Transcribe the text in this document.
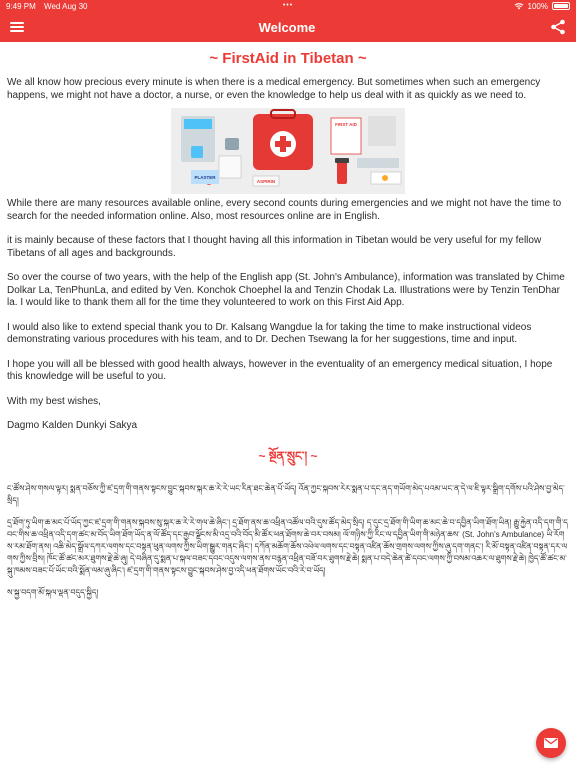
9:49 PM Wed Aug 30	•••	100%
Welcome
~ FirstAid in Tibetan ~

We all know how precious every minute is when there is a medical emergency. But sometimes when such an emergency happens, we might not have a doctor, a nurse, or even the knowledge to help us deal with it as quickly as we need to.

ASPIRIN
PLASTER
FIRST AID

While there are many resources available online, every second counts during emergencies and we might not have the time to search for the needed information online. Also, most resources online are in English.

it is mainly because of these factors that I thought having all this information in Tibetan would be very useful for my fellow Tibetans of all ages and backgrounds.

So over the course of two years, with the help of the English app (St. John's Ambulance), information was translated by Chime Dolkar La, TenPhunLa, and edited by Ven. Konchok Choephel la and Tenzin Chodak La. Illustrations were by Tenzin TenDhar la. I would like to thank them all for the time they volunteered to work on this First Aid App.

I would also like to extend special thank you to Dr. Kalsang Wangdue la for taking the time to make instructional videos demonstrating various procedures with his team, and to Dr. Dechen Tsewang la for her suggestions, time and input.

I hope you will all be blessed with good health always, however in the eventuality of an emergency medical situation, I hope this knowledge will be useful to you.

With my best wishes,

Dagmo Kalden Dunkyi Sakya

~ སྔོན་སྲུང་། ~

ང་ཚོས་ཤེས་གསལ་ལྟར། སྨན་བཅོས་ཀྱི་ཛ་དྲག་གི་གནས་སྟངས་བྱུང་སྐབས་སྐར་ཆ་རེ་རེ་ཡང་རིན་ཐང་ཆེན་པོ་ཡོད། འོན་ཀྱང་སྐབས་རེར་སྨན་པ་དང་ནད་གཡོག་མེད་པའམ་ཡང་ན་དེ་ལ་ཇི་ལྟར་སྒྲིག་དགོས་པའི་ཤེས་བྱ་མེད་སྲིད།

དྲ་ཐོག་ཏུ་ཡིག་ཆ་མང་པོ་ཡོད་ཀྱང་ཛ་དྲག་གི་གནས་སྐབས་སུ་སྐར་ཆ་རེ་རེ་གལ་ཆེ་ཞིང་། དྲ་ཐོག་ནས་ཆ་འཕྲིན་འཚོལ་བའི་དུས་ཚོད་མེད་སྲིད། ད་དུང་དྲ་ཐོག་གི་ཡིག་ཆ་མང་ཆེ་བ་དབྱིན་ཡིག་ཐོག་ཡིན། རྒྱུ་རྐྱེན་འདི་དག་གི་དབང་གིས་ཆ་འཕྲིན་འདི་དག་ཚང་མ་བོད་ཡིག་ཐོག་ཡོད་ན་ལོ་ཚོད་དང་རྒྱབ་ལྗོངས་མི་འདྲ་བའི་བོད་མི་ཚོར་ཕན་ཐོགས་ཆེ་བར་བསམ། ལོ་གཉིས་ཀྱི་རིང་ལ་དབྱིན་ཡིག་གི་མཉེན་ཆས་ (St. John's Ambulance) ཡི་རོགས་རམ་ཐོག་ནས། འཆི་མེད་སྒྲོལ་དཀར་ལགས་དང་བསྟན་ཕུན་ལགས་ཀྱིས་ཡིག་སྒྱུར་གནང་ཞིང་། དཀོན་མཆོག་ཆོས་འཕེལ་ལགས་དང་བསྟན་འཛིན་ཆོས་གྲགས་ལགས་ཀྱིས་ཞུ་དག་གནང་། རི་མོ་བསྟན་འཛིན་བསྟན་དར་ལགས་ཀྱིས་བྲིས། ཁོང་ཚོ་ཚང་མར་ཐུགས་རྗེ་ཆེ་ཞུ། དེ་བཞིན་དུ་སྨན་པ་སྐལ་བཟང་དབང་འདུས་ལགས་ནས་བརྙན་འཕྲིན་བཟོ་བར་ཐུགས་རྗེ་ཆེ། སྨན་པ་བདེ་ཆེན་ཚེ་དབང་ལགས་ཀྱི་བསམ་འཆར་ལ་ཐུགས་རྗེ་ཆེ། ཁྱེད་ཚོ་ཚང་མ་སྐུ་ཁམས་བཟང་པོ་ཡོང་བའི་སྨོན་ལམ་ཞུ་ཞིང་། ཛ་དྲག་གི་གནས་སྟངས་བྱུང་སྐབས་ཤེས་བྱ་འདི་ཕན་ཐོགས་ཡོང་བའི་རེ་བ་ཡོད།

ས་སྐྱ་བདག་མོ་སྐལ་ལྡན་བདུད་སྐྱིད།
